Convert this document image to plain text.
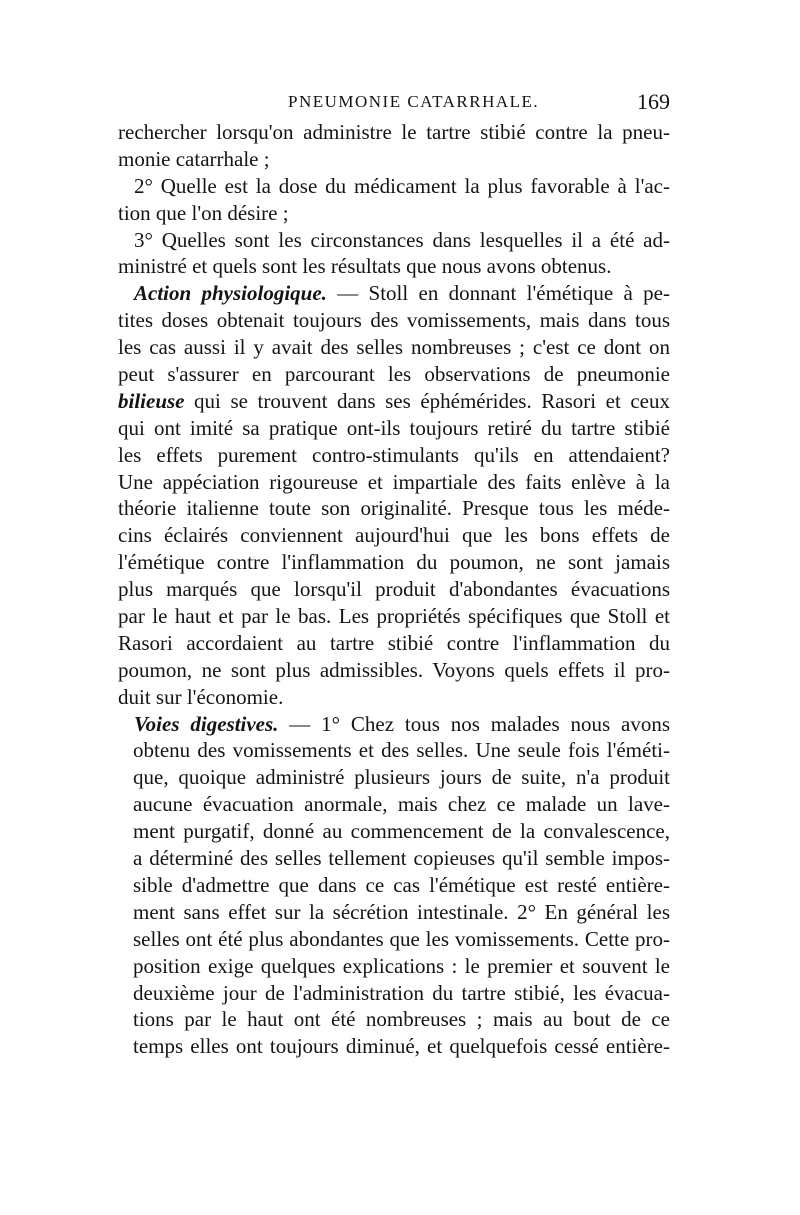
PNEUMONIE CATARRHALE.	169
rechercher lorsqu'on administre le tartre stibié contre la pneu-
monie catarrhale ;
2° Quelle est la dose du médicament la plus favorable à l'ac-
tion que l'on désire ;
3° Quelles sont les circonstances dans lesquelles il a été ad-
ministré et quels sont les résultats que nous avons obtenus.
Action physiologique. — Stoll en donnant l'émétique à pe-
tites doses obtenait toujours des vomissements, mais dans tous
les cas aussi il y avait des selles nombreuses ; c'est ce dont on
peut s'assurer en parcourant les observations de pneumonie
bilieuse qui se trouvent dans ses éphémérides. Rasori et ceux
qui ont imité sa pratique ont-ils toujours retiré du tartre stibié
les effets purement contro-stimulants qu'ils en attendaient?
Une appéciation rigoureuse et impartiale des faits enlève à la
théorie italienne toute son originalité. Presque tous les méde-
cins éclairés conviennent aujourd'hui que les bons effets de
l'émétique contre l'inflammation du poumon, ne sont jamais
plus marqués que lorsqu'il produit d'abondantes évacuations
par le haut et par le bas. Les propriétés spécifiques que Stoll et
Rasori accordaient au tartre stibié contre l'inflammation du
poumon, ne sont plus admissibles. Voyons quels effets il pro-
duit sur l'économie.
Voies digestives. — 1° Chez tous nos malades nous avons
obtenu des vomissements et des selles. Une seule fois l'éméti-
que, quoique administré plusieurs jours de suite, n'a produit
aucune évacuation anormale, mais chez ce malade un lave-
ment purgatif, donné au commencement de la convalescence,
a déterminé des selles tellement copieuses qu'il semble impos-
sible d'admettre que dans ce cas l'émétique est resté entière-
ment sans effet sur la sécrétion intestinale. 2° En général les
selles ont été plus abondantes que les vomissements. Cette pro-
position exige quelques explications : le premier et souvent le
deuxième jour de l'administration du tartre stibié, les évacua-
tions par le haut ont été nombreuses ; mais au bout de ce
temps elles ont toujours diminué, et quelquefois cessé entière-
